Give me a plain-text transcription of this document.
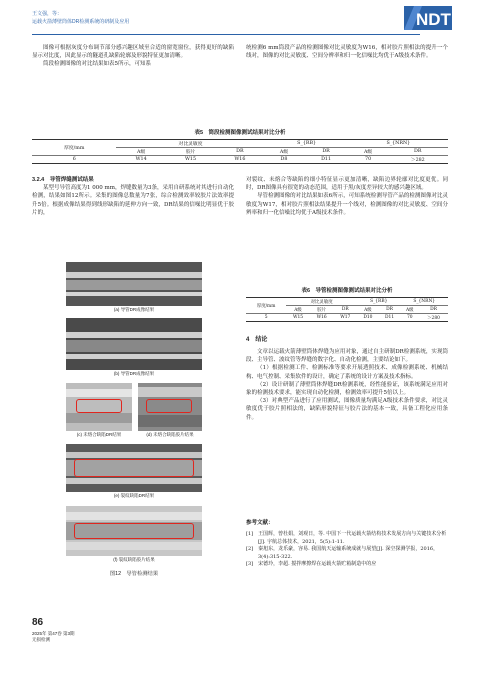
王文强，等：
运载火箭薄壁筒体DR检测系统的研制及应用	NDT

图像可根据灰度分布调节部分感兴趣区域至合适的窗宽窗位，获得更好的缺陷显示对比度，因此显示的隧道孔缺陷轮廓及形貌特征更加清晰。

筒段检测图像的对比结果如表5所示，可知系

统检测6 mm筒段产品的检测图像对比灵敏度为W16，相对胶片照相法的提升一个线对，图像的对比灵敏度、空间分辨率和归一化信噪比均优于A级技术条件。

表5　筒段检测图像测试结果对比分析
厚度/mm	对比灵敏度			S_{RB}		S_{NRN}	
	A级	胶片	DR	A级	DR	A级	DR
6	W14	W15	W16	D8	D11	70	＞282

3.2.4　导管焊缝测试结果

某型号导管高度为1 000 mm，焊缝数量为3条，采用自研系统对其进行自动化检测，结果如图12所示。采集的图像总数量为7张，综合检测效率较胶片法效率提升5倍。根据成像结果得到线形缺陷的延伸方向一致，DR结果的信噪比明显优于胶片的，

(a) 导管DR成像结果
(b) 导管DR成像结果
(c) 未熔合缺陷DR结果	(d) 未熔合缺陷胶片结果
(e) 裂纹缺陷DR结果
(f) 裂纹缺陷胶片结果
图12　导管检测结果

对裂纹、未熔合等缺陷的细小特征显示更加清晰，缺陷边界轮廓对比度更优。同时，DR图像具有很宽的动态范围，适用于黑/灰度差异较大的感兴趣区域。

导管检测图像的对比结果如表6所示，可知系统检测导管产品的检测图像对比灵敏度为W17，相对胶片照相法结果提升一个线对，检测图像的对比灵敏度、空间分辨率和归一化信噪比均优于A级技术条件。

表6　导管检测图像测试结果对比分析
厚度/mm	对比灵敏度			S_{RB}		S_{NRN}	
	A级	胶片	DR	A级	DR	A级	DR
5	W15	W16	W17	D10	D11	70	＞280
4　结论

文章以运载火箭薄壁筒体焊缝为应用对象，通过自主研制DR检测系统，实现筒段、主导管、波纹管等焊缝的数字化、自动化检测，主要结论如下。

（1）根据检测工件、检测标准等要求开展透照技术、成像检测系统、机械结构、电气控制、采集软件的设计，确定了系统的设计方案及技术指标。

（2）设计研制了薄壁筒体焊缝DR检测系统，经性能验证，该系统满足应用对象的检测技术要求，能实现自动化检测，检测效率可提升5倍以上。

（3）对典型产品进行了应用测试，图像质量均满足A级技术条件要求，对比灵敏度优于胶片照相法的，缺陷形貌特征与胶片法的基本一致，具备工程化应用条件。

参考文献：

[1]　王国辉，曾杜娟，刘观日，等. 中国下一代运载火箭结构技术发展方向与关键技术分析[J]. 宇航总体技术，2021，5(5):1-11.

[2]　秦旭东，龙乐豪，容易. 我国航天运输系统成就与展望[J]. 深空探测学报，2016，3(4):315-322.

[3]　宋德玲，李超. 搅拌摩擦焊在运载火箭贮箱制造中的应

86
2025年 第47卷 第3期
无损检测
